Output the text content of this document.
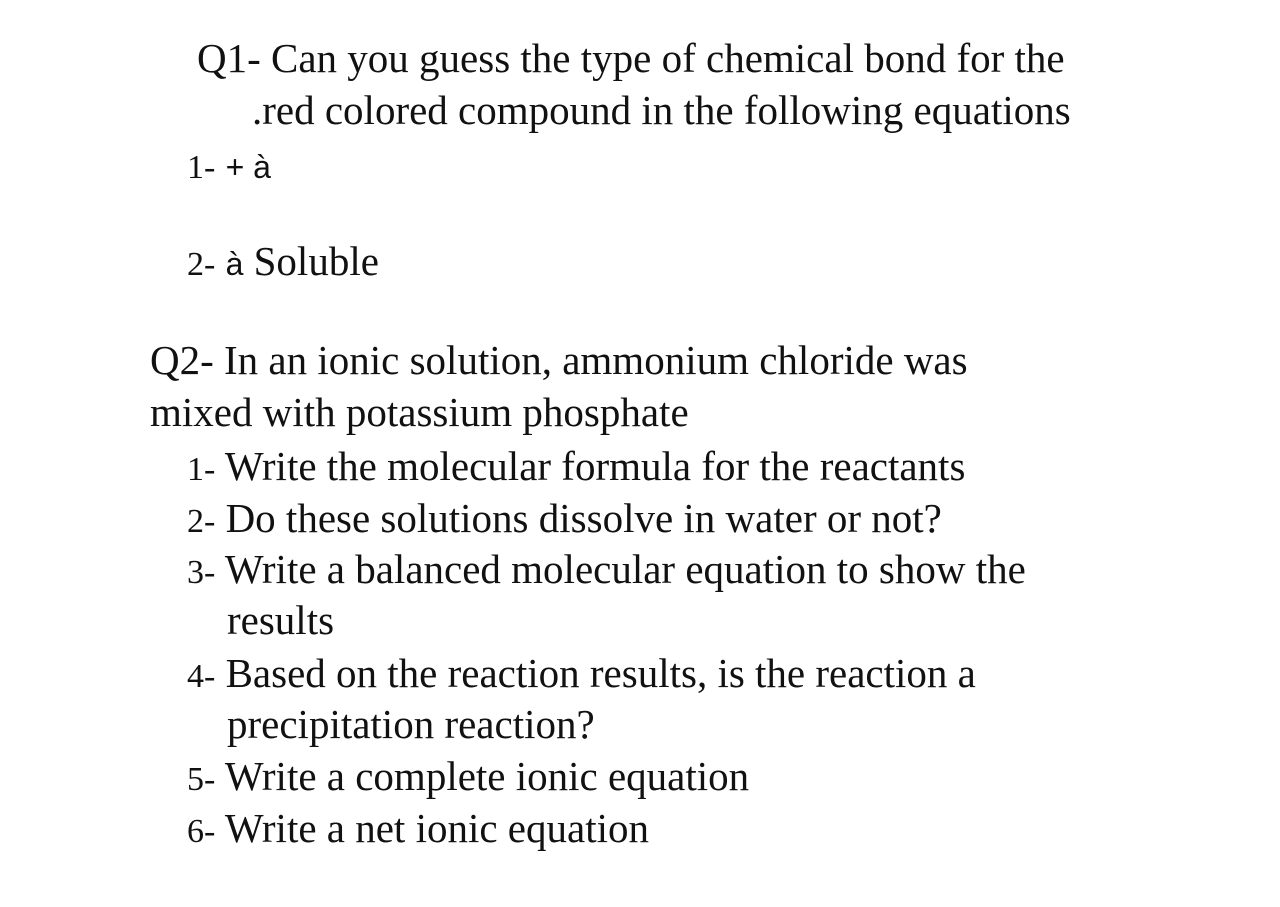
Q1- Can you guess the type of chemical bond for the
.red colored compound in the following equations
1- + à
2- à Soluble
Q2- In an ionic solution, ammonium chloride was
mixed with potassium phosphate
1- Write the molecular formula for the reactants
2- Do these solutions dissolve in water or not?
3- Write a balanced molecular equation to show the
results
4- Based on the reaction results, is the reaction a
precipitation reaction?
5- Write a complete ionic equation
6- Write a net ionic equation
